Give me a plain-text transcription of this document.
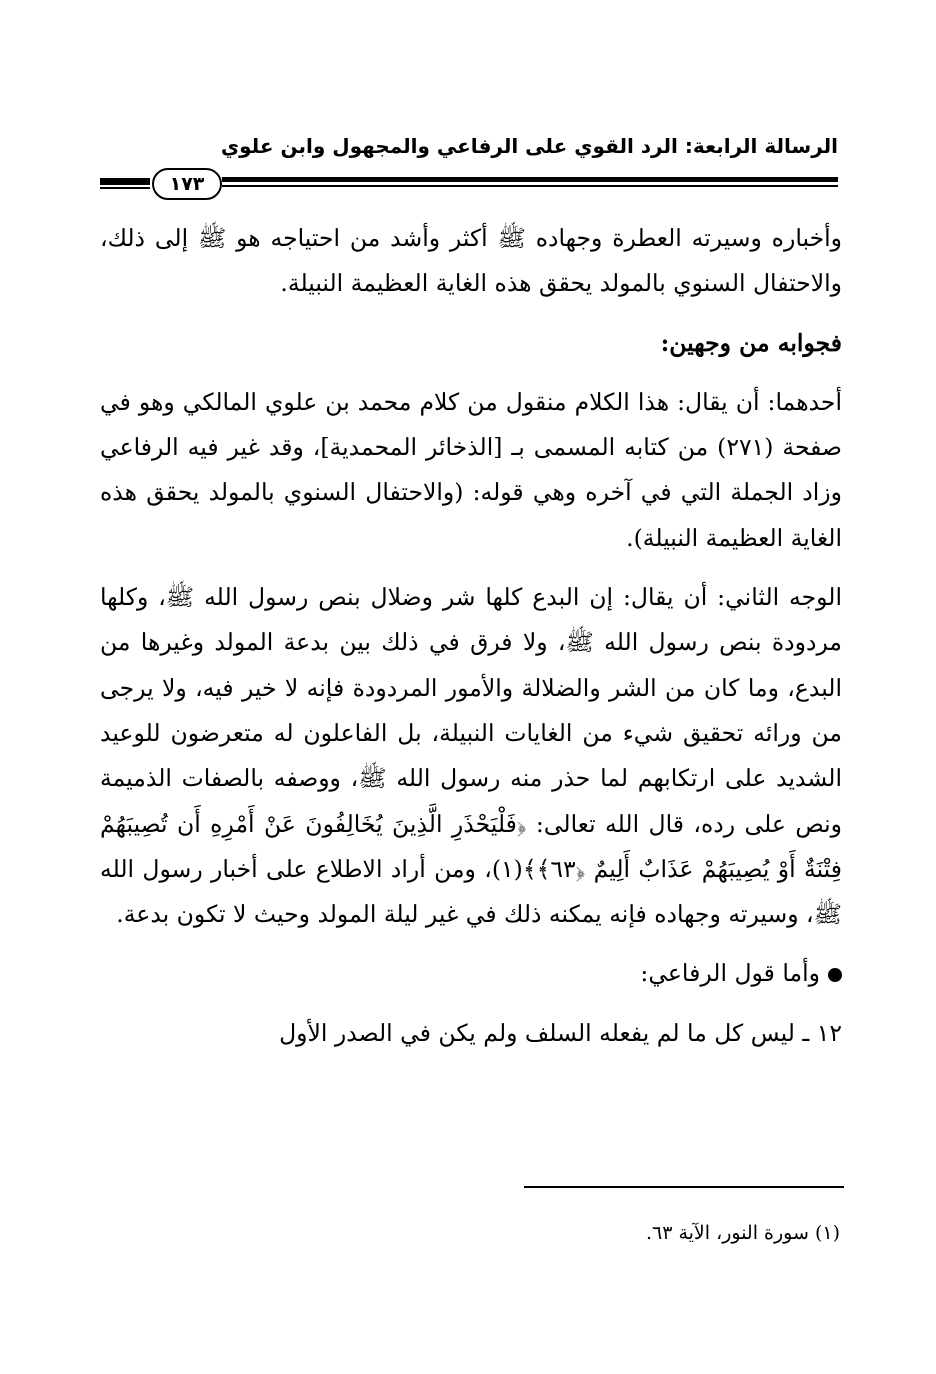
الرسالة الرابعة: الرد القوي على الرفاعي والمجهول وابن علوي
١٧٣

وأخباره وسيرته العطرة وجهاده ﷺ أكثر وأشد من احتياجه هو ﷺ إلى ذلك، والاحتفال السنوي بالمولد يحقق هذه الغاية العظيمة النبيلة.

فجوابه من وجهين:

أحدهما: أن يقال: هذا الكلام منقول من كلام محمد بن علوي المالكي وهو في صفحة (٢٧١) من كتابه المسمى بـ [الذخائر المحمدية]، وقد غير فيه الرفاعي وزاد الجملة التي في آخره وهي قوله: (والاحتفال السنوي بالمولد يحقق هذه الغاية العظيمة النبيلة).

الوجه الثاني: أن يقال: إن البدع كلها شر وضلال بنص رسول الله ﷺ، وكلها مردودة بنص رسول الله ﷺ، ولا فرق في ذلك بين بدعة المولد وغيرها من البدع، وما كان من الشر والضلالة والأمور المردودة فإنه لا خير فيه، ولا يرجى من ورائه تحقيق شيء من الغايات النبيلة، بل الفاعلون له متعرضون للوعيد الشديد على ارتكابهم لما حذر منه رسول الله ﷺ، ووصفه بالصفات الذميمة ونص على رده، قال الله تعالى: ﴿فَلْيَحْذَرِ الَّذِينَ يُخَالِفُونَ عَنْ أَمْرِهِ أَن تُصِيبَهُمْ فِتْنَةٌ أَوْ يُصِيبَهُمْ عَذَابٌ أَلِيمٌ ﴿٦٣﴾﴾(١)، ومن أراد الاطلاع على أخبار رسول الله ﷺ، وسيرته وجهاده فإنه يمكنه ذلك في غير ليلة المولد وحيث لا تكون بدعة.

وأما قول الرفاعي:

١٢ ـ ليس كل ما لم يفعله السلف ولم يكن في الصدر الأول

(١) سورة النور، الآية ٦٣.
